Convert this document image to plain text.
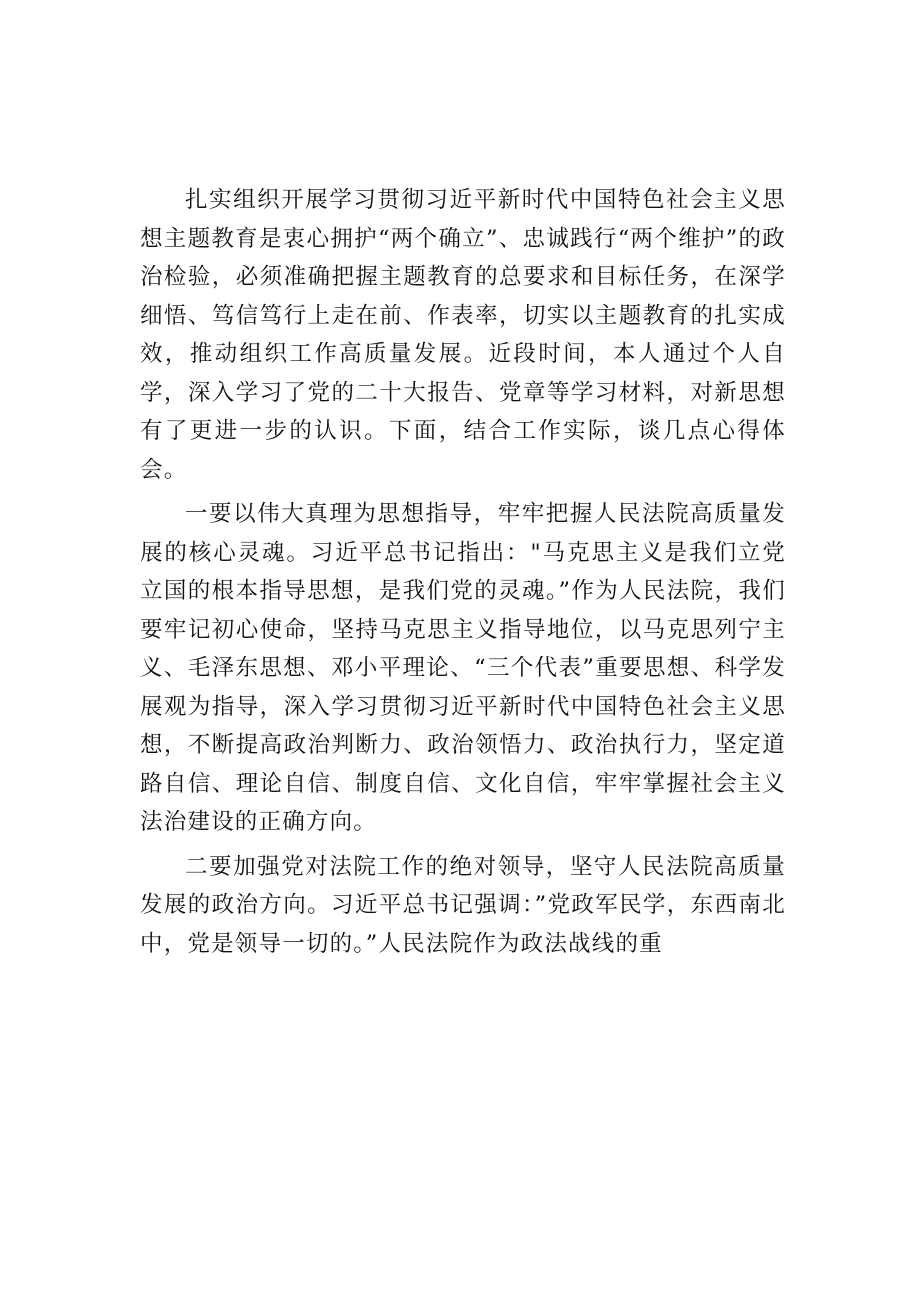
扎实组织开展学习贯彻习近平新时代中国特色社会主义思想主题教育是衷心拥护“两个确立”、忠诚践行“两个维护”的政治检验，必须准确把握主题教育的总要求和目标任务，在深学细悟、笃信笃行上走在前、作表率，切实以主题教育的扎实成效，推动组织工作高质量发展。近段时间，本人通过个人自学，深入学习了党的二十大报告、党章等学习材料，对新思想有了更进一步的认识。下面，结合工作实际，谈几点心得体会。

一要以伟大真理为思想指导，牢牢把握人民法院高质量发展的核心灵魂。习近平总书记指出："马克思主义是我们立党立国的根本指导思想，是我们党的灵魂。”作为人民法院，我们要牢记初心使命，坚持马克思主义指导地位，以马克思列宁主义、毛泽东思想、邓小平理论、“三个代表”重要思想、科学发展观为指导，深入学习贯彻习近平新时代中国特色社会主义思想，不断提高政治判断力、政治领悟力、政治执行力，坚定道路自信、理论自信、制度自信、文化自信，牢牢掌握社会主义法治建设的正确方向。

二要加强党对法院工作的绝对领导，坚守人民法院高质量发展的政治方向。习近平总书记强调：”党政军民学，东西南北中，党是领导一切的。”人民法院作为政法战线的重
